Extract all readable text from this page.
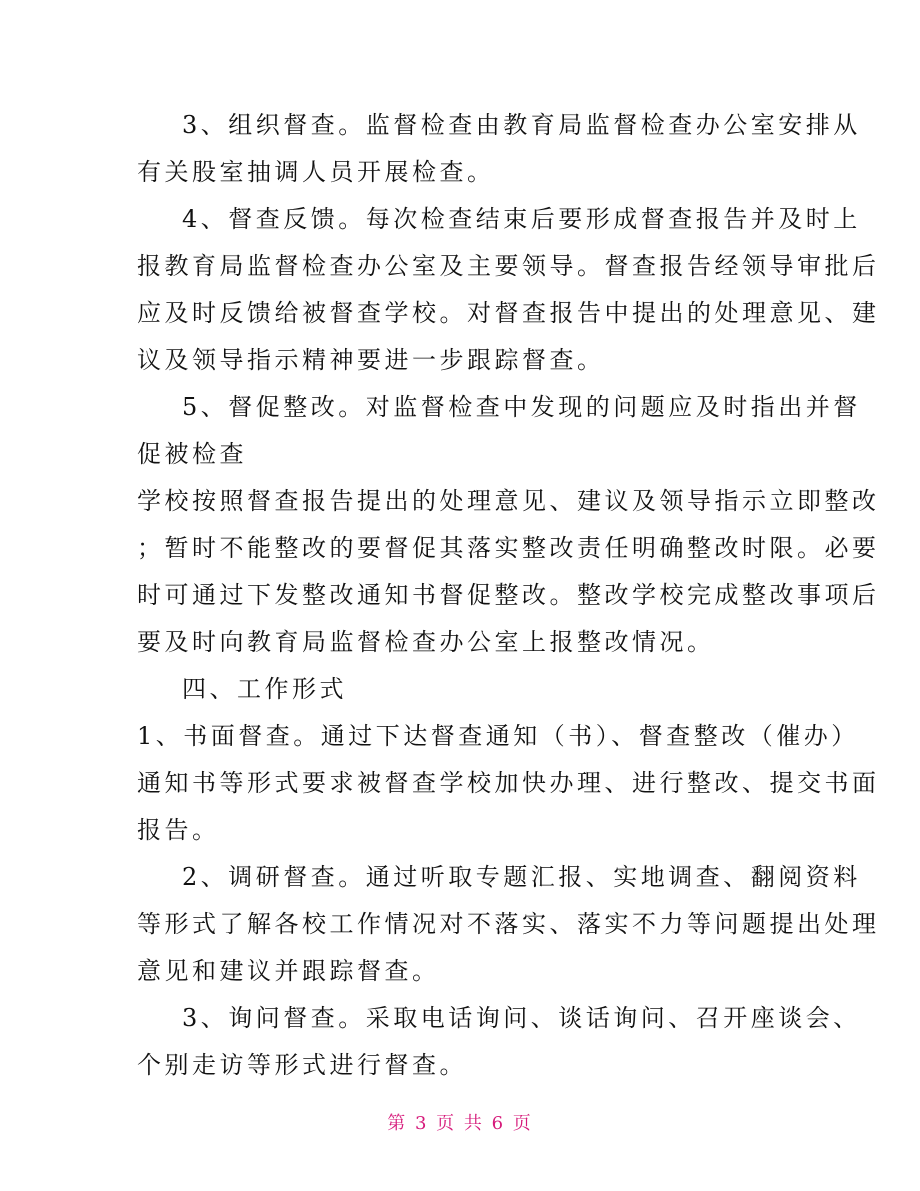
3、组织督查。监督检查由教育局监督检查办公室安排从
有关股室抽调人员开展检查。
4、督查反馈。每次检查结束后要形成督查报告并及时上
报教育局监督检查办公室及主要领导。督查报告经领导审批后
应及时反馈给被督查学校。对督查报告中提出的处理意见、建
议及领导指示精神要进一步跟踪督查。
5、督促整改。对监督检查中发现的问题应及时指出并督
促被检查
学校按照督查报告提出的处理意见、建议及领导指示立即整改
；暂时不能整改的要督促其落实整改责任明确整改时限。必要
时可通过下发整改通知书督促整改。整改学校完成整改事项后
要及时向教育局监督检查办公室上报整改情况。
四、工作形式
1、书面督查。通过下达督查通知（书）、督查整改（催办）
通知书等形式要求被督查学校加快办理、进行整改、提交书面
报告。
2、调研督查。通过听取专题汇报、实地调查、翻阅资料
等形式了解各校工作情况对不落实、落实不力等问题提出处理
意见和建议并跟踪督查。
3、询问督查。采取电话询问、谈话询问、召开座谈会、
个别走访等形式进行督查。
第 3 页 共 6 页
